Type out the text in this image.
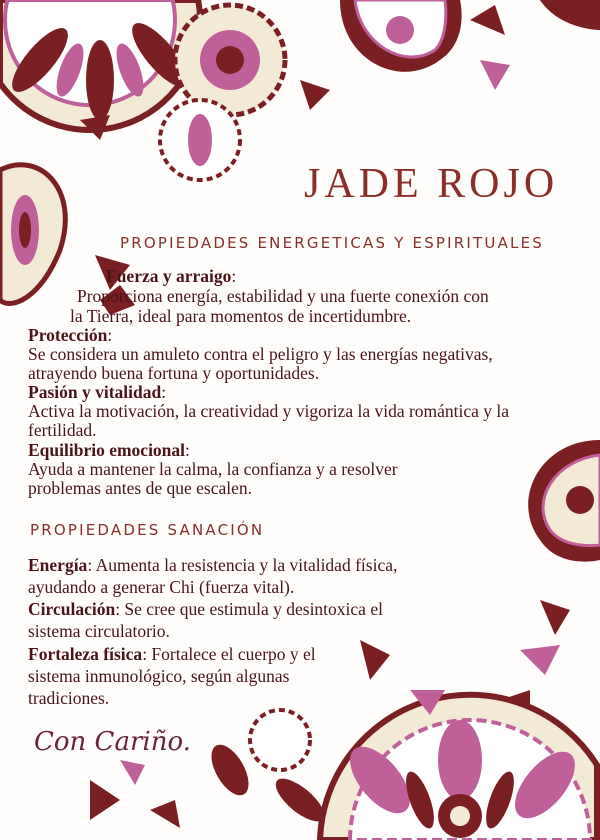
JADE ROJO
PROPIEDADES ENERGETICAS Y ESPIRITUALES
Fuerza y arraigo:
Proporciona energía, estabilidad y una fuerte conexión con
la Tierra, ideal para momentos de incertidumbre.
Protección:
Se considera un amuleto contra el peligro y las energías negativas,
atrayendo buena fortuna y oportunidades.
Pasión y vitalidad:
Activa la motivación, la creatividad y vigoriza la vida romántica y la
fertilidad.
Equilibrio emocional:
Ayuda a mantener la calma, la confianza y a resolver
problemas antes de que escalen.
PROPIEDADES SANACIÓN
Energía: Aumenta la resistencia y la vitalidad física,
ayudando a generar Chi (fuerza vital).
Circulación: Se cree que estimula y desintoxica el
sistema circulatorio.
Fortaleza física: Fortalece el cuerpo y el
sistema inmunológico, según algunas
tradiciones.
Con Cariño.
